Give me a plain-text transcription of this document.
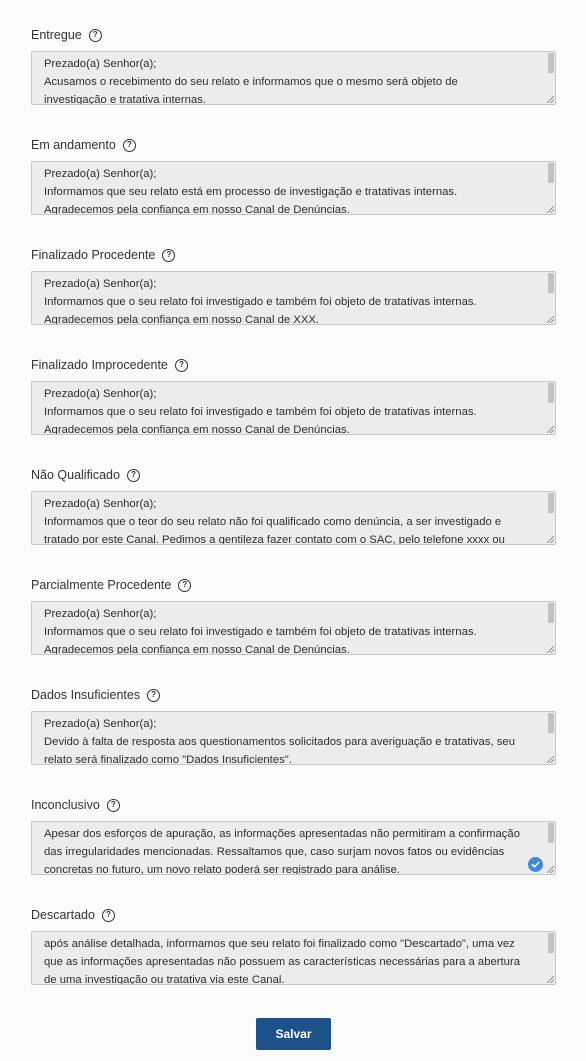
Entregue	?
Prezado(a) Senhor(a);
Acusamos o recebimento do seu relato e informamos que o mesmo será objeto de
investigação e tratativa internas.
Em andamento	?
Prezado(a) Senhor(a);
Informamos que seu relato está em processo de investigação e tratativas internas.
Agradecemos pela confiança em nosso Canal de Denúncias.
Finalizado Procedente	?
Prezado(a) Senhor(a);
Informamos que o seu relato foi investigado e também foi objeto de tratativas internas.
Agradecemos pela confiança em nosso Canal de XXX.
Finalizado Improcedente	?
Prezado(a) Senhor(a);
Informamos que o seu relato foi investigado e também foi objeto de tratativas internas.
Agradecemos pela confiança em nosso Canal de Denúncias.
Não Qualificado	?
Prezado(a) Senhor(a);
Informamos que o teor do seu relato não foi qualificado como denúncia, a ser investigado e
tratado por este Canal. Pedimos a gentileza fazer contato com o SAC, pelo telefone xxxx ou
Parcialmente Procedente	?
Prezado(a) Senhor(a);
Informamos que o seu relato foi investigado e também foi objeto de tratativas internas.
Agradecemos pela confiança em nosso Canal de Denúncias.
Dados Insuficientes	?
Prezado(a) Senhor(a);
Devido à falta de resposta aos questionamentos solicitados para averiguação e tratativas, seu
relato será finalizado como "Dados Insuficientes".
Inconclusivo	?
Apesar dos esforços de apuração, as informações apresentadas não permitiram a confirmação
das irregularidades mencionadas. Ressaltamos que, caso surjam novos fatos ou evidências
concretas no futuro, um novo relato poderá ser registrado para análise.
Descartado	?
após análise detalhada, informamos que seu relato foi finalizado como "Descartado", uma vez
que as informações apresentadas não possuem as características necessárias para a abertura
de uma investigação ou tratativa via este Canal.
Salvar
